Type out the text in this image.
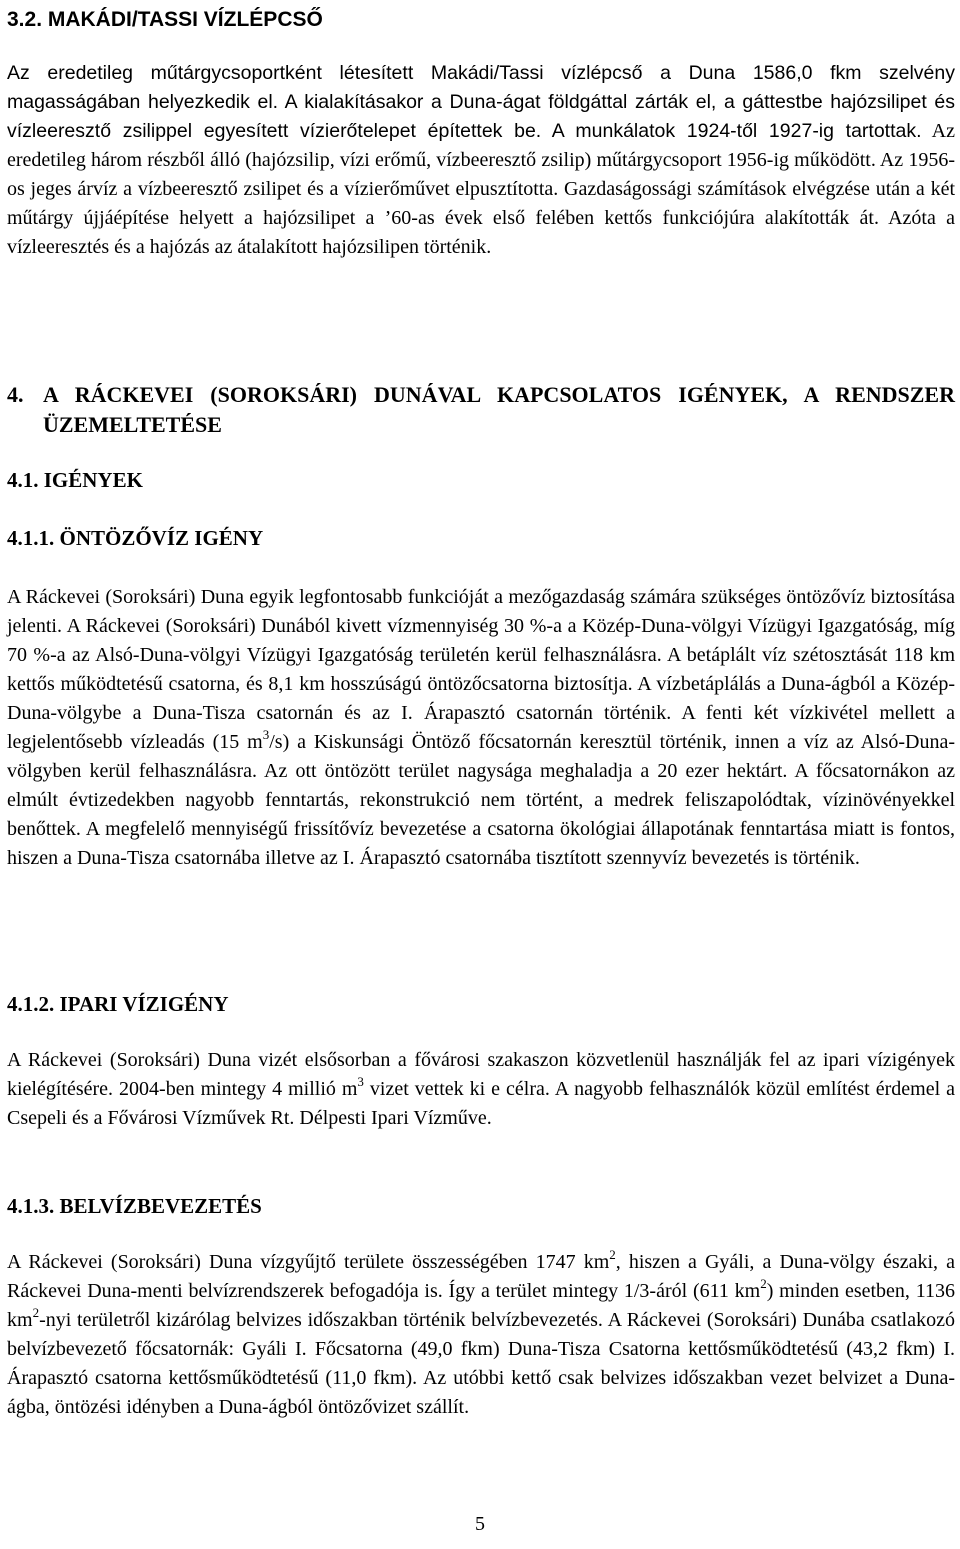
3.2. MAKÁDI/TASSI VÍZLÉPCSŐ

Az eredetileg műtárgycsoportként létesített Makádi/Tassi vízlépcső a Duna 1586,0 fkm szelvény magasságában helyezkedik el. A kialakításakor a Duna-ágat földgáttal zárták el, a gáttestbe hajózsilipet és vízleeresztő zsilippel egyesített vízierőtelepet építettek be. A munkálatok 1924-től 1927-ig tartottak. Az eredetileg három részből álló (hajózsilip, vízi erőmű, vízbeeresztő zsilip) műtárgycsoport 1956-ig működött. Az 1956-os jeges árvíz a vízbeeresztő zsilipet és a vízierőművet elpusztította. Gazdaságossági számítások elvégzése után a két műtárgy újjáépítése helyett a hajózsilipet a ’60-as évek első felében kettős funkciójúra alakították át. Azóta a vízleeresztés és a hajózás az átalakított hajózsilipen történik.

4. A RÁCKEVEI (SOROKSÁRI) DUNÁVAL KAPCSOLATOS IGÉNYEK, A RENDSZER ÜZEMELTETÉSE
4.1. IGÉNYEK
4.1.1. ÖNTÖZŐVÍZ IGÉNY

A Ráckevei (Soroksári) Duna egyik legfontosabb funkcióját a mezőgazdaság számára szükséges öntözővíz biztosítása jelenti. A Ráckevei (Soroksári) Dunából kivett vízmennyiség 30 %-a a Közép-Duna-völgyi Vízügyi Igazgatóság, míg 70 %-a az Alsó-Duna-völgyi Vízügyi Igazgatóság területén kerül felhasználásra. A betáplált víz szétosztását 118 km kettős működtetésű csatorna, és 8,1 km hosszúságú öntözőcsatorna biztosítja. A vízbetáplálás a Duna-ágból a Közép-Duna-völgybe a Duna-Tisza csatornán és az I. Árapasztó csatornán történik. A fenti két vízkivétel mellett a legjelentősebb vízleadás (15 $m^3/s$) a Kiskunsági Öntöző főcsatornán keresztül történik, innen a víz az Alsó-Duna-völgyben kerül felhasználásra. Az ott öntözött terület nagysága meghaladja a 20 ezer hektárt. A főcsatornákon az elmúlt évtizedekben nagyobb fenntartás, rekonstrukció nem történt, a medrek feliszapolódtak, vízinövényekkel benőttek. A megfelelő mennyiségű frissítővíz bevezetése a csatorna ökológiai állapotának fenntartása miatt is fontos, hiszen a Duna-Tisza csatornába illetve az I. Árapasztó csatornába tisztított szennyvíz bevezetés is történik.

4.1.2. IPARI VÍZIGÉNY

A Ráckevei (Soroksári) Duna vizét elsősorban a fővárosi szakaszon közvetlenül használják fel az ipari vízigények kielégítésére. 2004-ben mintegy 4 millió $m^3$ vizet vettek ki e célra. A nagyobb felhasználók közül említést érdemel a Csepeli és a Fővárosi Vízművek Rt. Délpesti Ipari Vízműve.

4.1.3. BELVÍZBEVEZETÉS

A Ráckevei (Soroksári) Duna vízgyűjtő területe összességében 1747 $km^2$, hiszen a Gyáli, a Duna-völgy északi, a Ráckevei Duna-menti belvízrendszerek befogadója is. Így a terület mintegy 1/3-áról (611 $km^2$) minden esetben, 1136 $km^2$-nyi területről kizárólag belvizes időszakban történik belvízbevezetés. A Ráckevei (Soroksári) Dunába csatlakozó belvízbevezető főcsatornák: Gyáli I. Főcsatorna (49,0 fkm) Duna-Tisza Csatorna kettősműködtetésű (43,2 fkm) I. Árapasztó csatorna kettősműködtetésű (11,0 fkm). Az utóbbi kettő csak belvizes időszakban vezet belvizet a Duna-ágba, öntözési idényben a Duna-ágból öntözővizet szállít.

5
